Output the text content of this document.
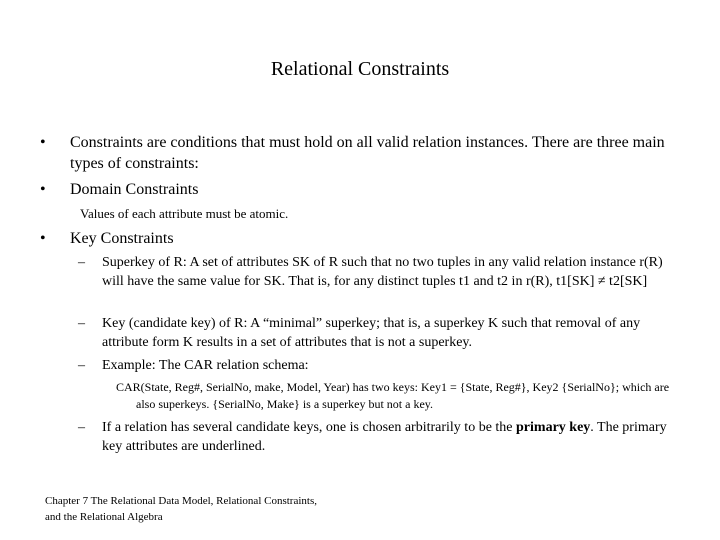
Relational Constraints
•	Constraints are conditions that must hold on all valid relation instances. There are three main types of constraints:
•	Domain Constraints
Values of each attribute must be atomic.
•	Key Constraints
– Superkey of R: A set of attributes SK of R such that no two tuples in any valid relation instance r(R) will have the same value for SK. That is, for any distinct tuples t1 and t2 in r(R), t1[SK] ≠ t2[SK]
– Key (candidate key) of R: A “minimal” superkey; that is, a superkey K such that removal of any attribute form K results in a set of attributes that is not a superkey.
– Example: The CAR relation schema:
CAR(State, Reg#, SerialNo, make, Model, Year) has two keys: Key1 = {State, Reg#}, Key2 {SerialNo}; which are also superkeys. {SerialNo, Make} is a superkey but not a key.
– If a relation has several candidate keys, one is chosen arbitrarily to be the primary key. The primary key attributes are underlined.
Chapter 7 The Relational Data Model, Relational Constraints, and the Relational Algebra
